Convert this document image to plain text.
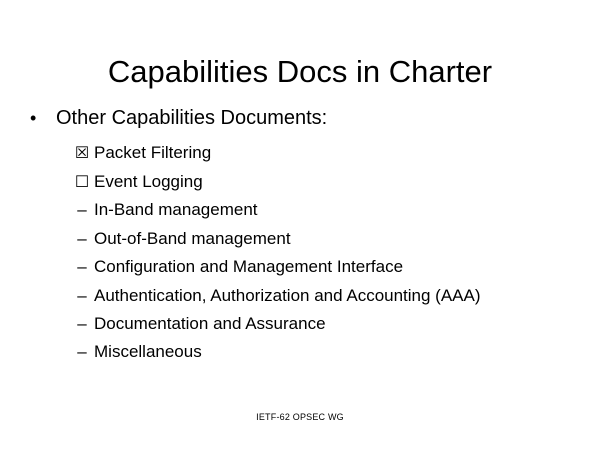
Capabilities Docs in Charter
• Other Capabilities Documents:
☒ Packet Filtering
☐ Event Logging
– In-Band management
– Out-of-Band management
– Configuration and Management Interface
– Authentication, Authorization and Accounting (AAA)
– Documentation and Assurance
– Miscellaneous
IETF-62 OPSEC WG
